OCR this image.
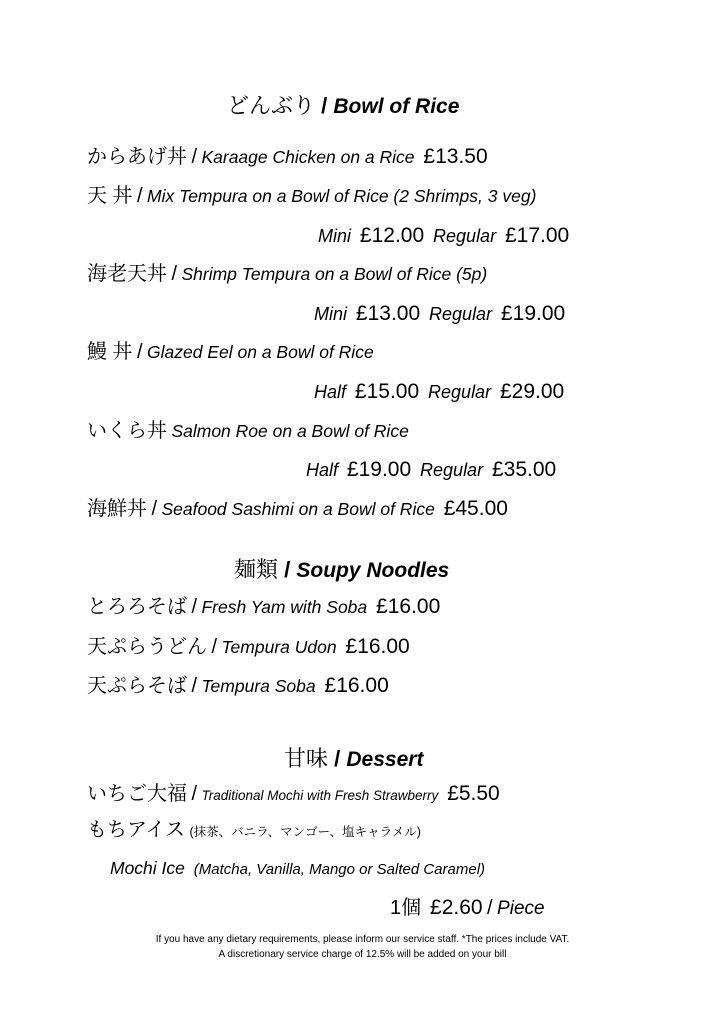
どんぶり / Bowl of Rice
からあげ丼 / Karaage Chicken on a Rice £13.50
天 丼 / Mix Tempura on a Bowl of Rice (2 Shrimps, 3 veg)
Mini £12.00 Regular £17.00
海老天丼 / Shrimp Tempura on a Bowl of Rice (5p)
Mini £13.00 Regular £19.00
鰻 丼 / Glazed Eel on a Bowl of Rice
Half £15.00 Regular £29.00
いくら丼 Salmon Roe on a Bowl of Rice
Half £19.00 Regular £35.00
海鮮丼 / Seafood Sashimi on a Bowl of Rice £45.00
麺類 / Soupy Noodles
とろろそば / Fresh Yam with Soba £16.00
天ぷらうどん / Tempura Udon £16.00
天ぷらそば / Tempura Soba £16.00
甘味 / Dessert
いちご大福 / Traditional Mochi with Fresh Strawberry £5.50
もちアイス (抹茶、バニラ、マンゴー、塩キャラメル)
Mochi Ice (Matcha, Vanilla, Mango or Salted Caramel)
1個 £2.60 / Piece
If you have any dietary requirements, please inform our service staff. *The prices include VAT.
A discretionary service charge of 12.5% will be added on your bill
